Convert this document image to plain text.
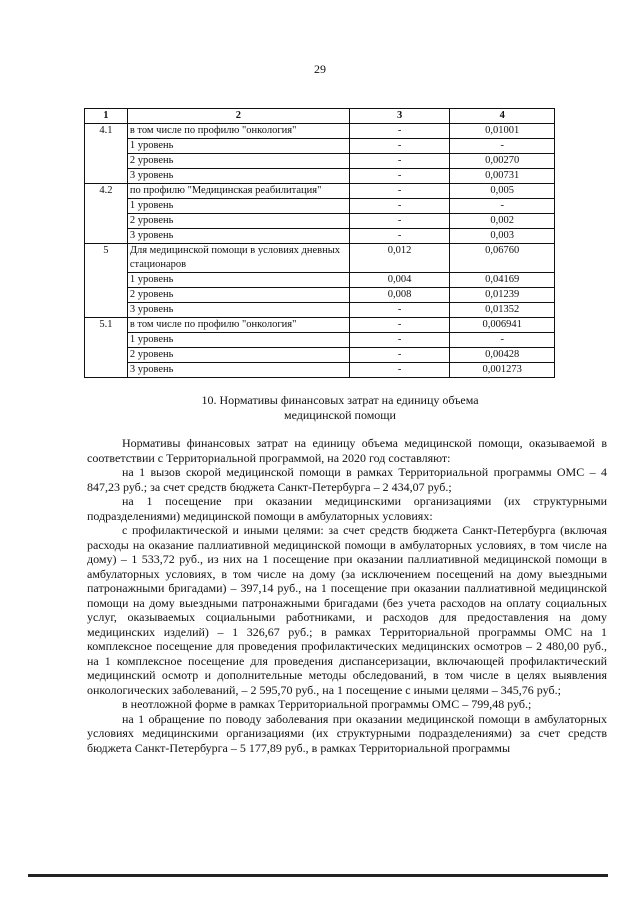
29
1	2	3	4
4.1	в том числе по профилю "онкология"	-	0,01001
	1 уровень	-	-
	2 уровень	-	0,00270
	3 уровень	-	0,00731
4.2	по профилю "Медицинская реабилитация"	-	0,005
	1 уровень	-	-
	2 уровень	-	0,002
	3 уровень	-	0,003
5	Для медицинской помощи в условиях дневных стационаров	0,012	0,06760
	1 уровень	0,004	0,04169
	2 уровень	0,008	0,01239
	3 уровень	-	0,01352
5.1	в том числе по профилю "онкология"	-	0,006941
	1 уровень	-	-
	2 уровень	-	0,00428
	3 уровень	-	0,001273
10. Нормативы финансовых затрат на единицу объема
медицинской помощи

Нормативы финансовых затрат на единицу объема медицинской помощи, оказываемой в соответствии с Территориальной программой, на 2020 год составляют:

на 1 вызов скорой медицинской помощи в рамках Территориальной программы ОМС – 4 847,23 руб.; за счет средств бюджета Санкт-Петербурга – 2 434,07 руб.;

на 1 посещение при оказании медицинскими организациями (их структурными подразделениями) медицинской помощи в амбулаторных условиях:

с профилактической и иными целями: за счет средств бюджета Санкт-Петербурга (включая расходы на оказание паллиативной медицинской помощи в амбулаторных условиях, в том числе на дому) – 1 533,72 руб., из них на 1 посещение при оказании паллиативной медицинской помощи в амбулаторных условиях, в том числе на дому (за исключением посещений на дому выездными патронажными бригадами) – 397,14 руб., на 1 посещение при оказании паллиативной медицинской помощи на дому выездными патронажными бригадами (без учета расходов на оплату социальных услуг, оказываемых социальными работниками, и расходов для предоставления на дому медицинских изделий) – 1 326,67 руб.; в рамках Территориальной программы ОМС на 1 комплексное посещение для проведения профилактических медицинских осмотров – 2 480,00 руб., на 1 комплексное посещение для проведения диспансеризации, включающей профилактический медицинский осмотр и дополнительные методы обследований, в том числе в целях выявления онкологических заболеваний, – 2 595,70 руб., на 1 посещение с иными целями – 345,76 руб.;

в неотложной форме в рамках Территориальной программы ОМС – 799,48 руб.;

на 1 обращение по поводу заболевания при оказании медицинской помощи в амбулаторных условиях медицинскими организациями (их структурными подразделениями) за счет средств бюджета Санкт-Петербурга – 5 177,89 руб., в рамках Территориальной программы
